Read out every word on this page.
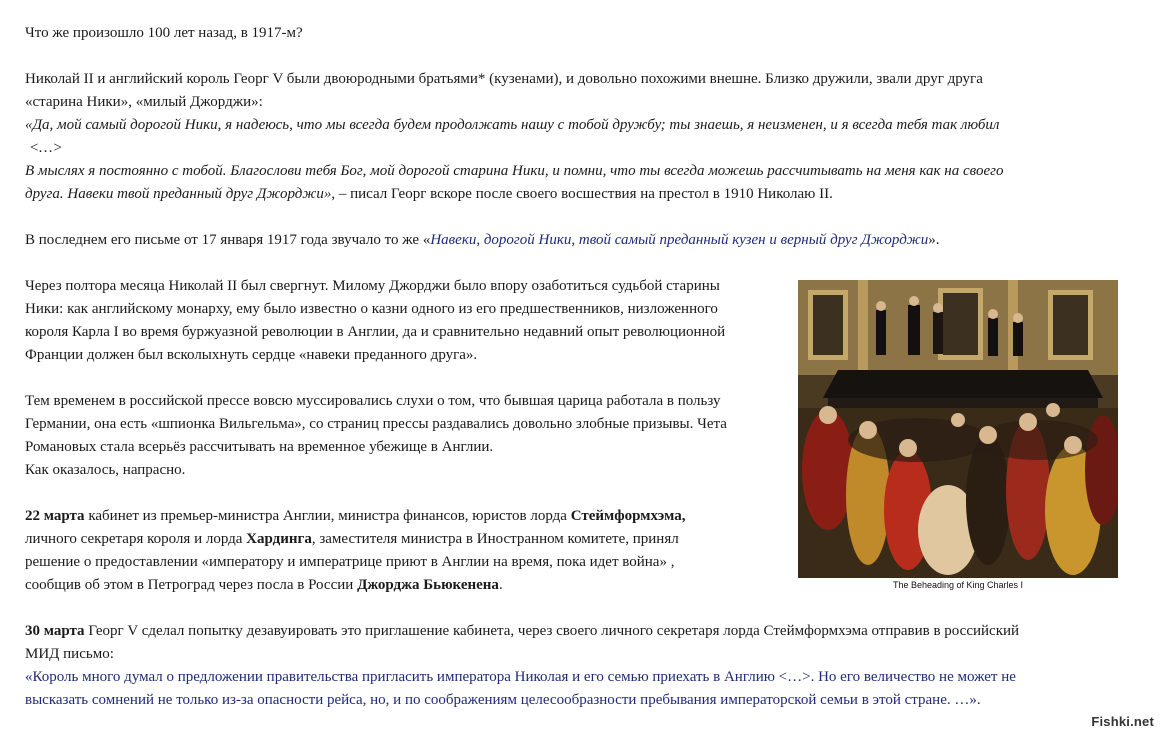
Что же произошло 100 лет назад, в 1917-м?

Николай II и английский король Георг V были двоюродными братьями* (кузенами), и довольно похожими внешне. Близко дружили, звали друг друга
«старина Ники», «милый Джорджи»:
«Да, мой самый дорогой Ники, я надеюсь, что мы всегда будем продолжать нашу с тобой дружбу; ты знаешь, я неизменен, и я всегда тебя так любил
<…>
В мыслях я постоянно с тобой. Благослови тебя Бог, мой дорогой старина Ники, и помни, что ты всегда можешь рассчитывать на меня как на своего
друга. Навеки твой преданный друг Джорджи», – писал Георг вскоре после своего восшествия на престол в 1910 Николаю II.

В последнем его письме от 17 января 1917 года звучало то же «Навеки, дорогой Ники, твой самый преданный кузен и верный друг Джорджи».

Через полтора месяца Николай II был свергнут. Милому Джорджи было впору озаботиться судьбой старины
Ники: как английскому монарху, ему было известно о казни одного из его предшественников, низложенного
короля Карла I во время буржуазной революции в Англии, да и сравнительно недавний опыт революционной
Франции должен был всколыхнуть сердце «навеки преданного друга».

Тем временем в российской прессе вовсю муссировались слухи о том, что бывшая царица работала в пользу
Германии, она есть «шпионка Вильгельма», со страниц прессы раздавались довольно злобные призывы. Чета
Романовых стала всерьёз рассчитывать на временное убежище в Англии.
Как оказалось, напрасно.

22 марта кабинет из премьер-министра Англии, министра финансов, юристов лорда Стеймформхэма,
личного секретаря короля и лорда Хардинга, заместителя министра в Иностранном комитете, принял
решение о предоставлении «императору и императрице приют в Англии на время, пока идет война» ,
сообщив об этом в Петроград через посла в России Джорджа Бьюкенена.

30 марта Георг V сделал попытку дезавуировать это приглашение кабинета, через своего личного секретаря лорда Стеймформхэма отправив в российский
МИД письмо:
«Король много думал о предложении правительства пригласить императора Николая и его семью приехать в Англию <…>. Но его величество не может не
высказать сомнений не только из-за опасности рейса, но, и по соображениям целесообразности пребывания императорской семьи в этой стране. …».

The Beheading of King Charles I
Fishki.net
